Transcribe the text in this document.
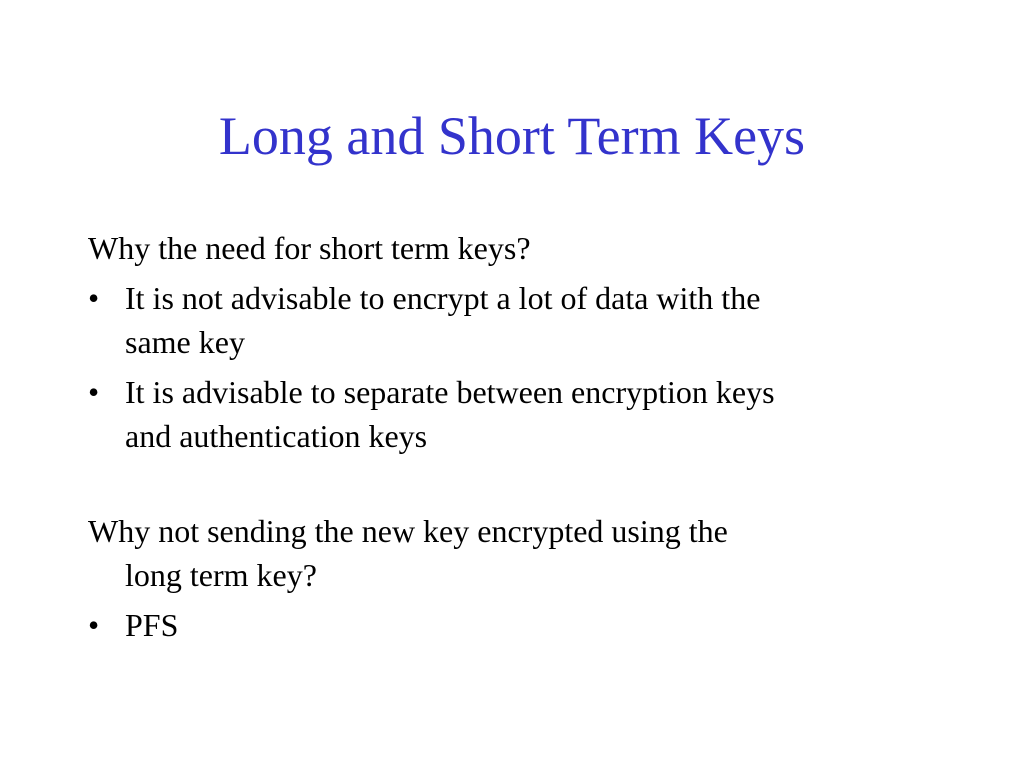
Long and Short Term Keys
Why the need for short term keys?
• It is not advisable to encrypt a lot of data with the
same key
• It is advisable to separate between encryption keys
and authentication keys
Why not sending the new key encrypted using the
long term key?
• PFS
